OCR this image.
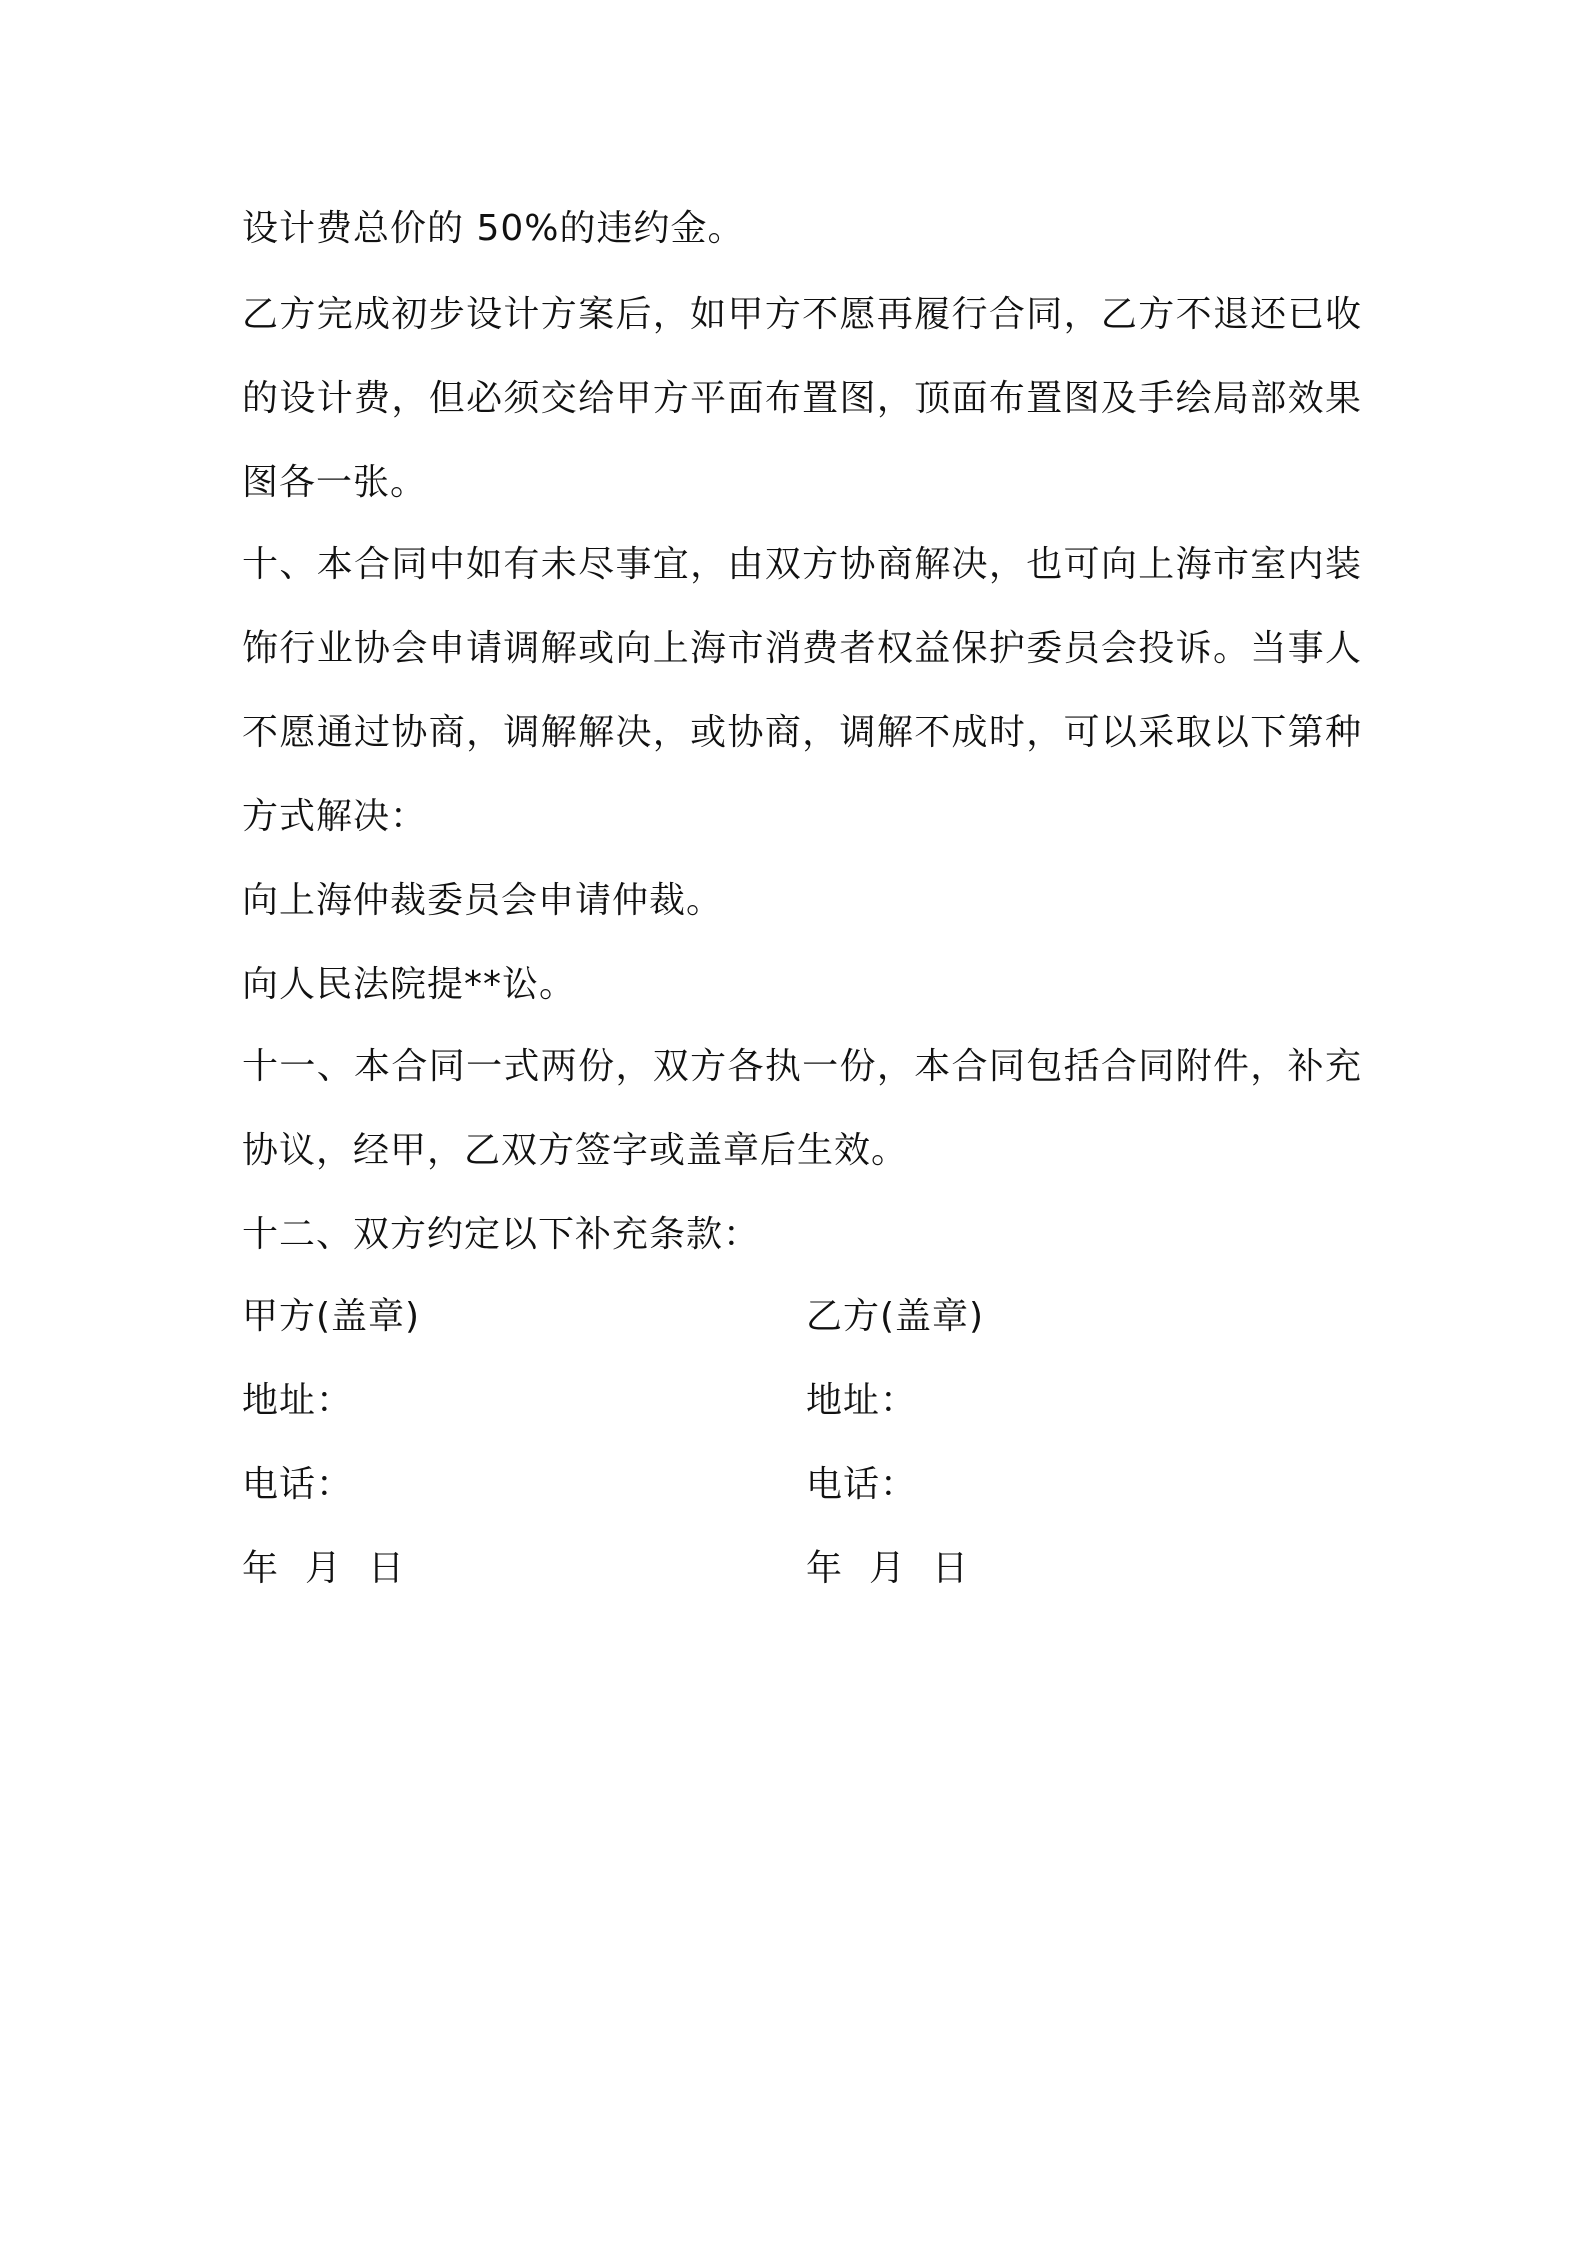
设计费总价的 50%的违约金。
乙方完成初步设计方案后，如甲方不愿再履行合同，乙方不退还已收
的设计费，但必须交给甲方平面布置图，顶面布置图及手绘局部效果
图各一张。
十、本合同中如有未尽事宜，由双方协商解决，也可向上海市室内装
饰行业协会申请调解或向上海市消费者权益保护委员会投诉。当事人
不愿通过协商，调解解决，或协商，调解不成时，可以采取以下第种
方式解决：
向上海仲裁委员会申请仲裁。
向人民法院提**讼。
十一、本合同一式两份，双方各执一份，本合同包括合同附件，补充
协议，经甲，乙双方签字或盖章后生效。
十二、双方约定以下补充条款：
甲方(盖章)
地址：
电话：
年 月 日
乙方(盖章)
地址：
电话：
年 月 日
